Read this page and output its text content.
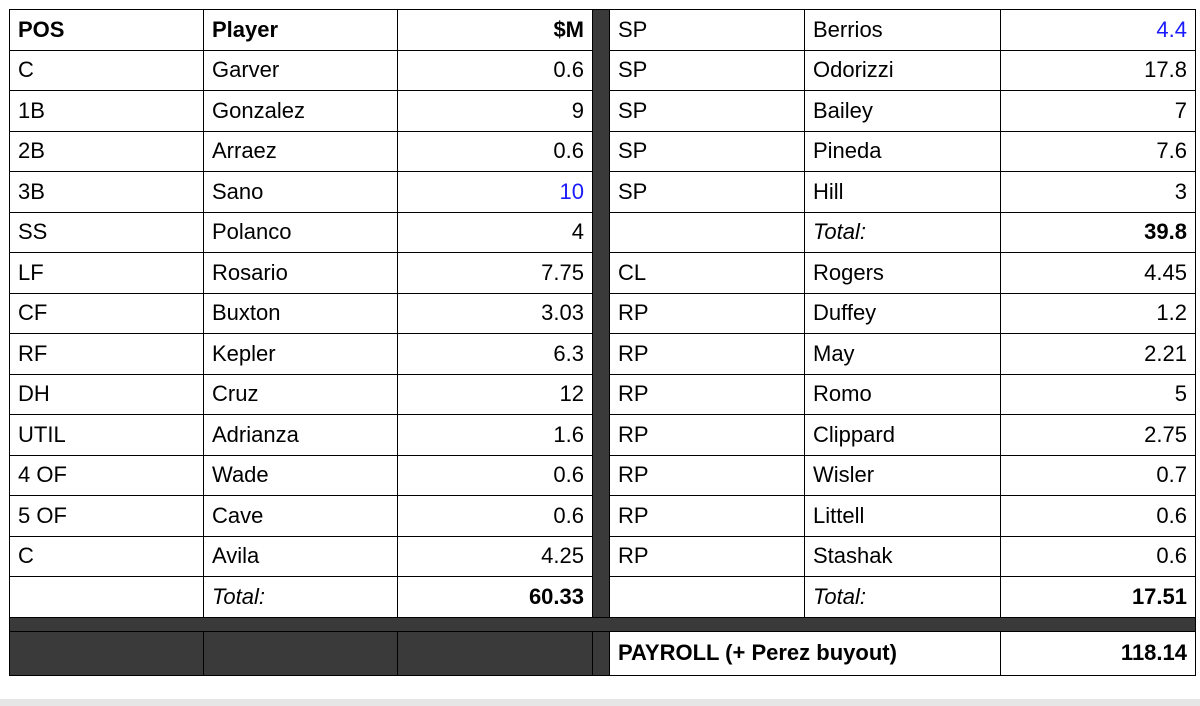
POS	Player	$M		SP	Berrios	4.4
C	Garver	0.6		SP	Odorizzi	17.8
1B	Gonzalez	9		SP	Bailey	7
2B	Arraez	0.6		SP	Pineda	7.6
3B	Sano	10		SP	Hill	3
SS	Polanco	4			Total:	39.8
LF	Rosario	7.75		CL	Rogers	4.45
CF	Buxton	3.03		RP	Duffey	1.2
RF	Kepler	6.3		RP	May	2.21
DH	Cruz	12		RP	Romo	5
UTIL	Adrianza	1.6		RP	Clippard	2.75
4 OF	Wade	0.6		RP	Wisler	0.7
5 OF	Cave	0.6		RP	Littell	0.6
C	Avila	4.25		RP	Stashak	0.6
	Total:	60.33			Total:	17.51

				PAYROLL (+ Perez buyout)		118.14
